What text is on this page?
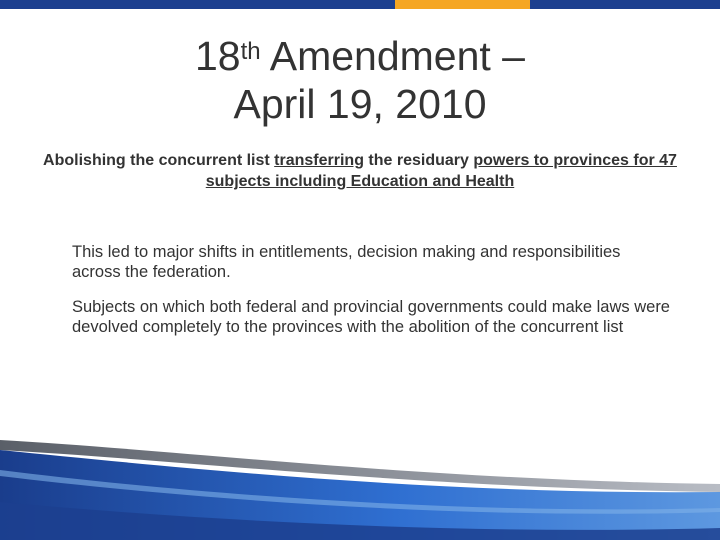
18th Amendment –
April 19, 2010
Abolishing the concurrent list transferring the residuary powers to provinces for 47 subjects including Education and Health

This led to major shifts in entitlements, decision making and responsibilities across the federation.

Subjects on which both federal and provincial governments could make laws were devolved completely to the provinces with the abolition of the concurrent list
